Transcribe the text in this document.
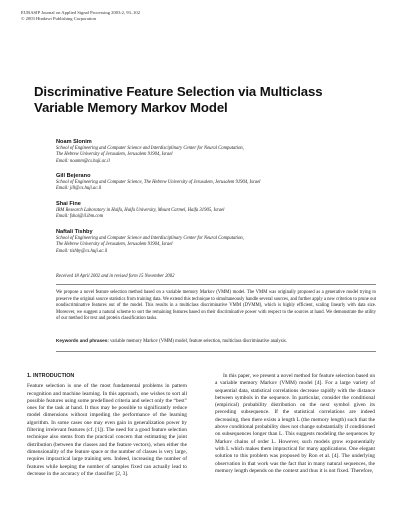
EURASIP Journal on Applied Signal Processing 2003:2, 93–102
© 2003 Hindawi Publishing Corporation
Discriminative Feature Selection via Multiclass
Variable Memory Markov Model
Noam Slonim
School of Engineering and Computer Science and Interdisciplinary Center for Neural Computation,
The Hebrew University of Jerusalem, Jerusalem 91904, Israel
Email: noamm@cs.huji.ac.il
Gill Bejerano
School of Engineering and Computer Science, The Hebrew University of Jerusalem, Jerusalem 91904, Israel
Email: jill@cs.huji.ac.il
Shai Fine
IBM Research Laboratory in Haifa, Haifa University, Mount Carmel, Haifa 31905, Israel
Email: fshai@il.ibm.com
Naftali Tishby
School of Engineering and Computer Science and Interdisciplinary Center for Neural Computation,
The Hebrew University of Jerusalem, Jerusalem 91904, Israel
Email: tishby@cs.huji.ac.il
Received 18 April 2002 and in revised form 15 November 2002
We propose a novel feature selection method based on a variable memory Markov (VMM) model. The VMM was originally proposed as a generative model trying to preserve the original source statistics from training data. We extend this technique to simultaneously handle several sources, and further apply a new criterion to prune out nondiscriminative features out of the model. This results in a multiclass discriminative VMM (DVMM), which is highly efficient, scaling linearly with data size. Moreover, we suggest a natural scheme to sort the remaining features based on their discriminative power with respect to the sources at hand. We demonstrate the utility of our method for text and protein classification tasks.
Keywords and phrases: variable memory Markov (VMM) model, feature selection, multiclass discriminative analysis.
1. INTRODUCTION
Feature selection is one of the most fundamental problems in pattern recognition and machine learning. In this approach, one wishes to sort all possible features using some predefined criteria and select only the “best” ones for the task at hand. It thus may be possible to significantly reduce model dimensions without impeding the performance of the learning algorithm. In some cases one may even gain in generalization power by filtering irrelevant features (cf. [1]). The need for a good feature selection technique also stems from the practical concern that estimating the joint distribution (between the classes and the feature vectors), when either the dimensionality of the feature space or the number of classes is very large, requires impractical large training sets. Indeed, increasing the number of features while keeping the number of samples fixed can actually lead to decrease in the accuracy of the classifier [2, 3].
In this paper, we present a novel method for feature selection based on a variable memory Markov (VMM) model [4]. For a large variety of sequential data, statistical correlations decrease rapidly with the distance between symbols in the sequence. In particular, consider the conditional (empirical) probability distribution on the next symbol given its preceding subsequence. If the statistical correlations are indeed decreasing, then there exists a length L (the memory length) such that the above conditional probability does not change substantially if conditioned on subsequences longer than L. This suggests modeling the sequences by Markov chains of order L. However, such models grow exponentially with L which makes them impractical for many applications. One elegant solution to this problem was proposed by Ron et al. [4]. The underlying observation in that work was the fact that in many natural sequences, the memory length depends on the context and thus it is not fixed. Therefore,
